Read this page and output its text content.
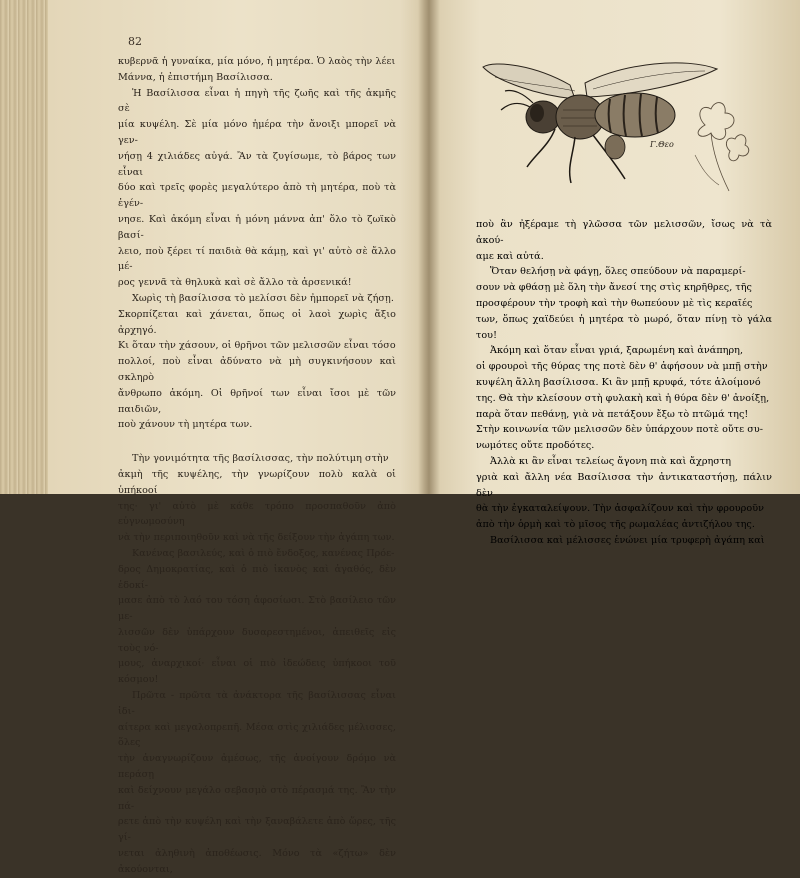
82

κυβερνᾶ ἡ γυναίκα, μία μόνο, ἡ μητέρα. Ὁ λαὸς τὴν λέει

Μάννα, ἡ ἐπιστήμη Βασίλισσα.

Ἡ Βασίλισσα εἶναι ἡ πηγὴ τῆς ζωῆς καὶ τῆς ἀκμῆς σὲ

μία κυψέλη. Σὲ μία μόνο ἡμέρα τὴν ἄνοιξι μπορεῖ νὰ γεν-

νήσῃ 4 χιλιάδες αὐγά. Ἂν τὰ ζυγίσωμε, τὸ βάρος των εἶναι

δύο καὶ τρεῖς φορὲς μεγαλύτερο ἀπὸ τὴ μητέρα, ποὺ τὰ ἐγέν-

νησε. Καὶ ἀκόμη εἶναι ἡ μόνη μάννα ἀπ' ὅλο τὸ ζωϊκὸ βασί-

λειο, ποὺ ξέρει τί παιδιὰ θὰ κάμῃ, καὶ γι' αὐτὸ σὲ ἄλλο μέ-

ρος γεννᾶ τὰ θηλυκὰ καὶ σὲ ἄλλο τὰ ἀρσενικά!

Χωρὶς τὴ βασίλισσα τὸ μελίσσι δὲν ἠμπορεῖ νὰ ζήσῃ.

Σκορπίζεται καὶ χάνεται, ὅπως οἱ λαοὶ χωρὶς ἄξιο ἀρχηγό.

Κι ὅταν τὴν χάσουν, οἱ θρῆνοι τῶν μελισσῶν εἶναι τόσο

πολλοί, ποὺ εἶναι ἀδύνατο νὰ μὴ συγκινήσουν καὶ σκληρὸ

ἄνθρωπο ἀκόμη. Οἱ θρῆνοί των εἶναι ἴσοι μὲ τῶν παιδιῶν,

ποὺ χάνουν τὴ μητέρα των.

Τὴν γονιμότητα τῆς βασίλισσας, τὴν πολύτιμη στὴν

ἀκμὴ τῆς κυψέλης, τὴν γνωρίζουν πολὺ καλὰ οἱ ὑπήκοοί

της· γι' αὐτὸ μὲ κάθε τρόπο προσπαθοῦν ἀπὸ εὐγνωμοσύνη

νὰ τὴν περιποιηθοῦν καὶ νὰ τῆς δείξουν τὴν ἀγάπη των.

Κανένας βασιλεύς, καὶ ὁ πιὸ ἔνδοξος, κανένας Πρόε-

δρος Δημοκρατίας, καὶ ὁ πιὸ ἱκανὸς καὶ ἀγαθός, δὲν ἐδοκί-

μασε ἀπὸ τὸ λαό του τόση ἀφοσίωσι. Στὸ βασίλειο τῶν με-

λισσῶν δὲν ὑπάρχουν δυσαρεστημένοι, ἀπειθεῖς εἰς τοὺς νό-

μους, ἀναρχικοί· εἶναι οἱ πιὸ ἰδεώδεις ὑπήκοοι τοῦ κόσμου!

Πρῶτα - πρῶτα τὰ ἀνάκτορα τῆς βασίλισσας εἶναι ἰδι-

αίτερα καὶ μεγαλοπρεπῆ. Μέσα στὶς χιλιάδες μέλισσες, ὅλες

τὴν ἀναγνωρίζουν ἀμέσως, τῆς ἀνοίγουν δρόμο νὰ περάσῃ

καὶ δείχνουν μεγάλο σεβασμὸ στὸ πέρασμά της. Ἂν τὴν πά-

ρετε ἀπὸ τὴν κυψέλη καὶ τὴν ξαναβάλετε ἀπὸ ὥρες, τῆς γί-

νεται ἀληθινὴ ἀποθέωσις. Μόνο τὰ «ζήτω» δὲν ἀκούονται,

Γ.Θεο

ποὺ ἂν ἠξέραμε τὴ γλῶσσα τῶν μελισσῶν, ἴσως νὰ τὰ ἀκού-

αμε καὶ αὐτά.

Ὅταν θελήσῃ νὰ φάγῃ, ὅλες σπεύδουν νὰ παραμερί-

σουν νὰ φθάσῃ μὲ ὅλη τὴν ἄνεσί της στὶς κηρῆθρες, τῆς

προσφέρουν τὴν τροφὴ καὶ τὴν θωπεύουν μὲ τὶς κεραῖές

των, ὅπως χαϊδεύει ἡ μητέρα τὸ μωρό, ὅταν πίνῃ τὸ γάλα του!

Ἀκόμη καὶ ὅταν εἶναι γριά, ξαρωμένη καὶ ἀνάπηρη,

οἱ φρουροὶ τῆς θύρας της ποτὲ δὲν θ' ἀφήσουν νὰ μπῇ στὴν

κυψέλη ἄλλη βασίλισσα. Κι ἂν μπῇ κρυφά, τότε ἀλοίμονό

της. Θὰ τὴν κλείσουν στὴ φυλακὴ καὶ ἡ θύρα δὲν θ' ἀνοίξῃ,

παρὰ ὅταν πεθάνῃ, γιὰ νὰ πετάξουν ἔξω τὸ πτῶμά της!

Στὴν κοινωνία τῶν μελισσῶν δὲν ὑπάρχουν ποτὲ οὔτε συ-

νωμότες οὔτε προδότες.

Ἀλλὰ κι ἂν εἶναι τελείως ἄγονη πιὰ καὶ ἄχρηστη

γριὰ καὶ ἄλλη νέα Βασίλισσα τὴν ἀντικαταστήσῃ, πάλιν δὲν

θὰ τὴν ἐγκαταλείψουν. Τὴν ἀσφαλίζουν καὶ τὴν φρουροῦν

ἀπὸ τὴν ὁρμὴ καὶ τὸ μῖσος τῆς ρωμαλέας ἀντιζήλου της.

Βασίλισσα καὶ μέλισσες ἑνώνει μία τρυφερὴ ἀγάπη καὶ
